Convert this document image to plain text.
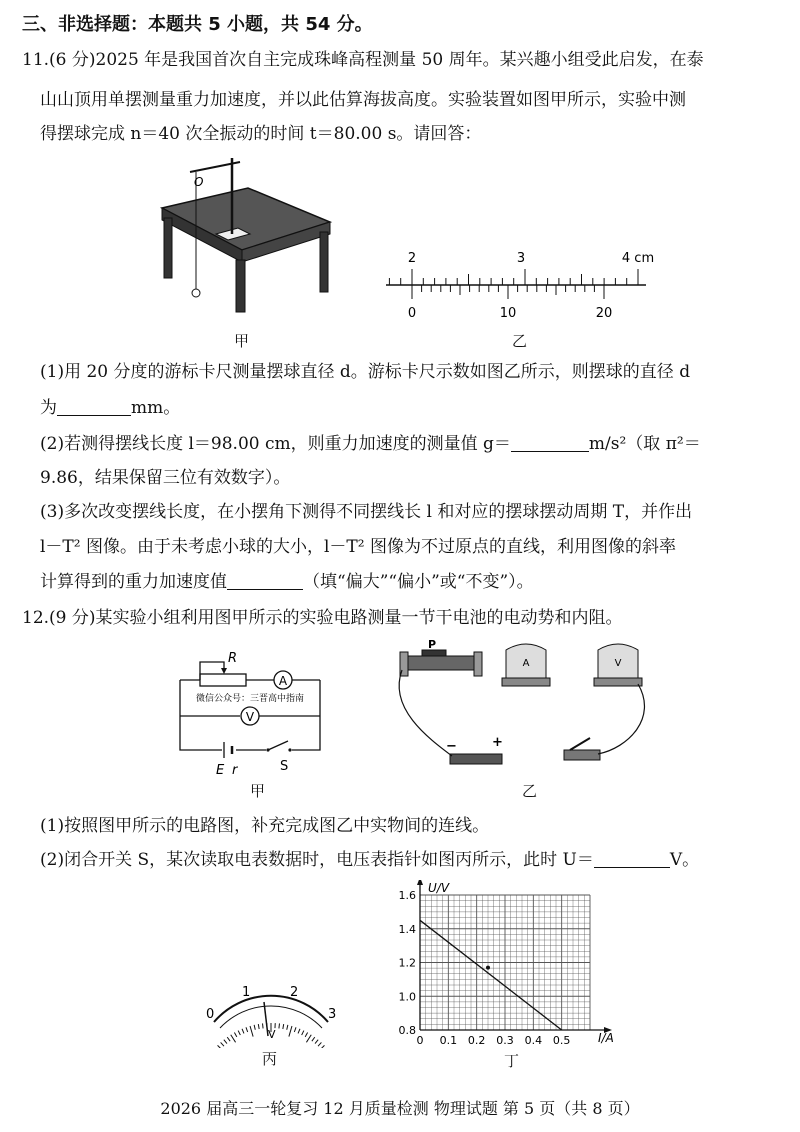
三、非选择题：本题共 5 小题，共 54 分。
11.(6 分)2025 年是我国首次自主完成珠峰高程测量 50 周年。某兴趣小组受此启发，在泰
山山顶用单摆测量重力加速度，并以此估算海拔高度。实验装置如图甲所示，实验中测
得摆球完成 n＝40 次全振动的时间 t＝80.00 s。请回答：
O
甲
2	3	4 cm
0	10	20
乙
(1)用 20 分度的游标卡尺测量摆球直径 d。游标卡尺示数如图乙所示，则摆球的直径 d
为	mm。
(2)若测得摆线长度 l＝98.00 cm，则重力加速度的测量值 g＝	m/s²（取 π²＝
9.86，结果保留三位有效数字）。
(3)多次改变摆线长度，在小摆角下测得不同摆线长 l 和对应的摆球摆动周期 T，并作出
l－T² 图像。由于未考虑小球的大小，l－T² 图像为不过原点的直线，利用图像的斜率
计算得到的重力加速度值	（填“偏大”“偏小”或“不变”）。
12.(9 分)某实验小组利用图甲所示的实验电路测量一节干电池的电动势和内阻。
R
A
V
微信公众号：三晋高中指南
E r	S
甲
P
A	V
−	+
乙
(1)按照图甲所示的电路图，补充完成图乙中实物间的连线。
(2)闭合开关 S，某次读取电表数据时，电压表指针如图丙所示，此时 U＝	V。
0
1	2
3
V
丙
0 0.1 0.2 0.3 0.4 0.5
0.8
1.0
1.2
1.4
1.6
U/V
I/A
丁
2026 届高三一轮复习 12 月质量检测 物理试题 第 5 页（共 8 页）
